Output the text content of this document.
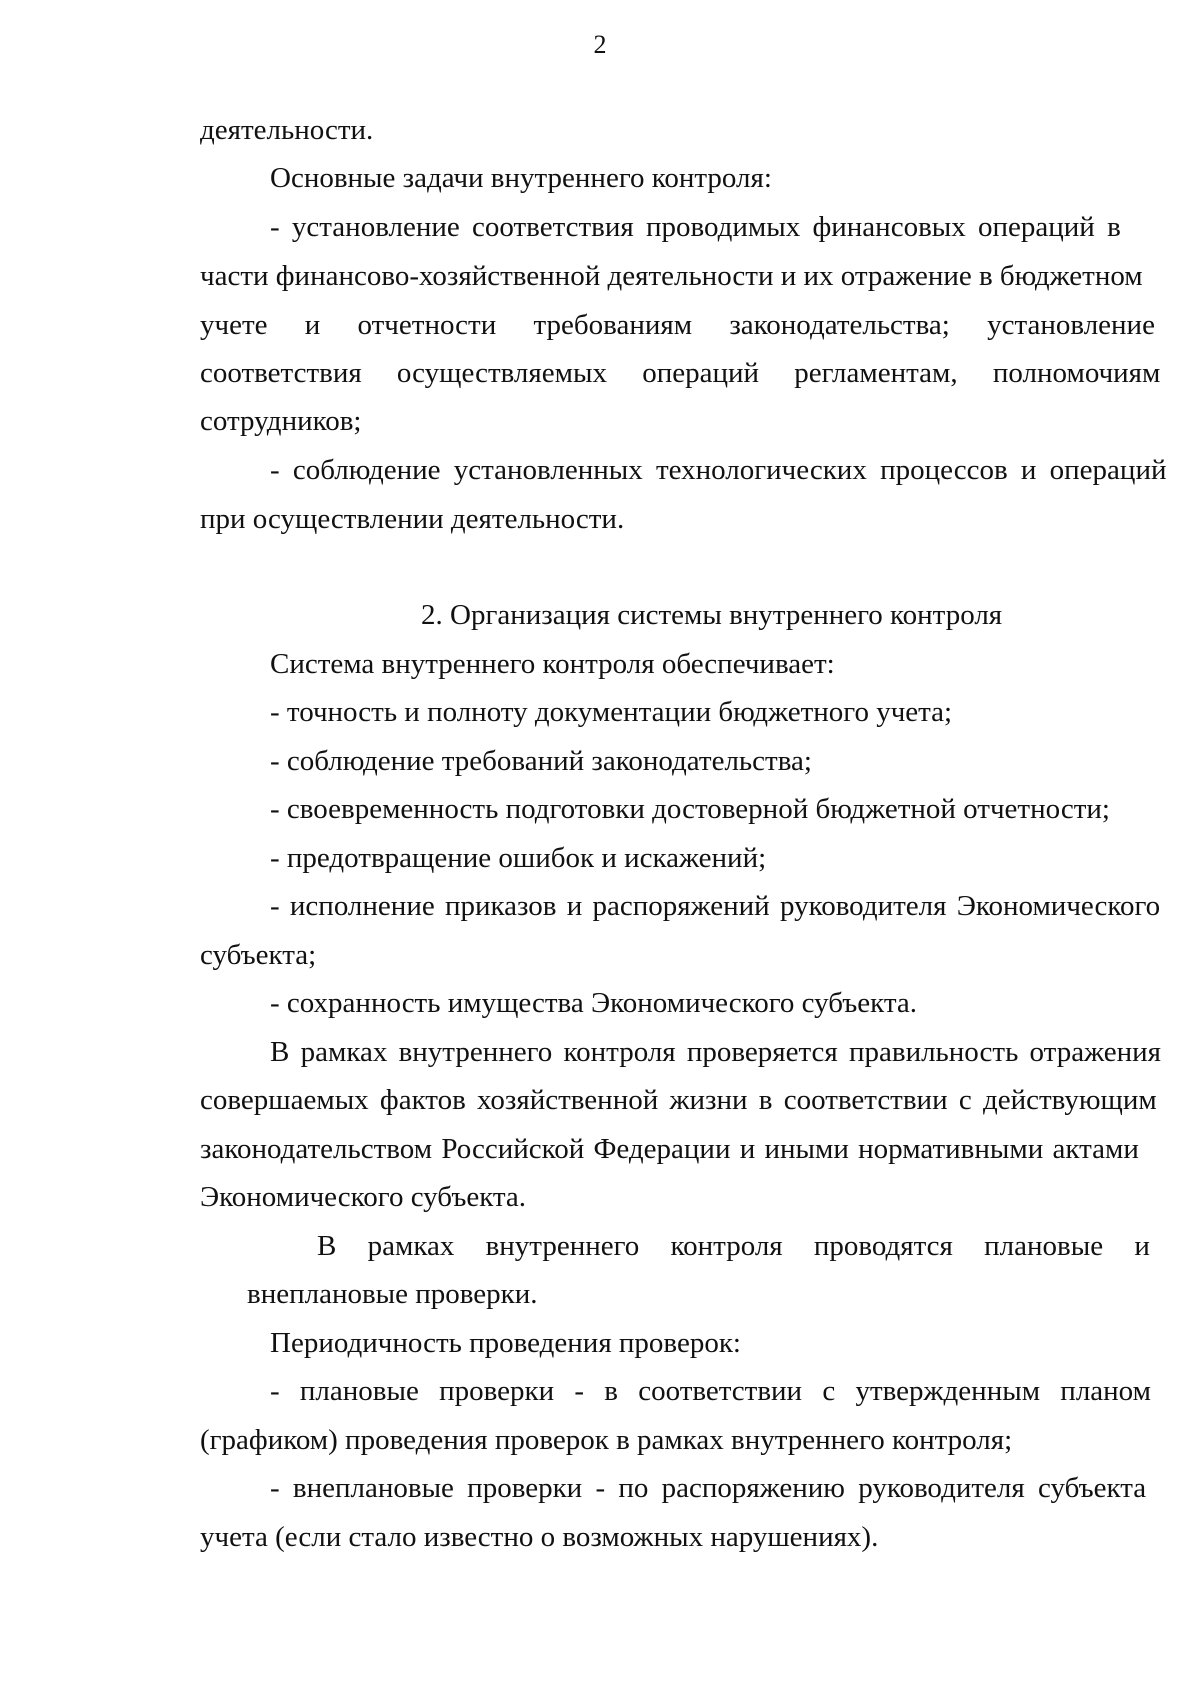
2
деятельности.
Основные задачи внутреннего контроля:
- установление соответствия проводимых финансовых операций в
части финансово-хозяйственной деятельности и их отражение в бюджетном
учете и отчетности требованиям законодательства; установление
соответствия осуществляемых операций регламентам, полномочиям
сотрудников;
- соблюдение установленных технологических процессов и операций
при осуществлении деятельности.
2. Организация системы внутреннего контроля
Система внутреннего контроля обеспечивает:
- точность и полноту документации бюджетного учета;
- соблюдение требований законодательства;
- своевременность подготовки достоверной бюджетной отчетности;
- предотвращение ошибок и искажений;
- исполнение приказов и распоряжений руководителя Экономического
субъекта;
- сохранность имущества Экономического субъекта.
В рамках внутреннего контроля проверяется правильность отражения
совершаемых фактов хозяйственной жизни в соответствии с действующим
законодательством Российской Федерации и иными нормативными актами
Экономического субъекта.
В рамках внутреннего контроля проводятся плановые и
внеплановые проверки.
Периодичность проведения проверок:
- плановые проверки - в соответствии с утвержденным планом
(графиком) проведения проверок в рамках внутреннего контроля;
- внеплановые проверки - по распоряжению руководителя субъекта
учета (если стало известно о возможных нарушениях).
